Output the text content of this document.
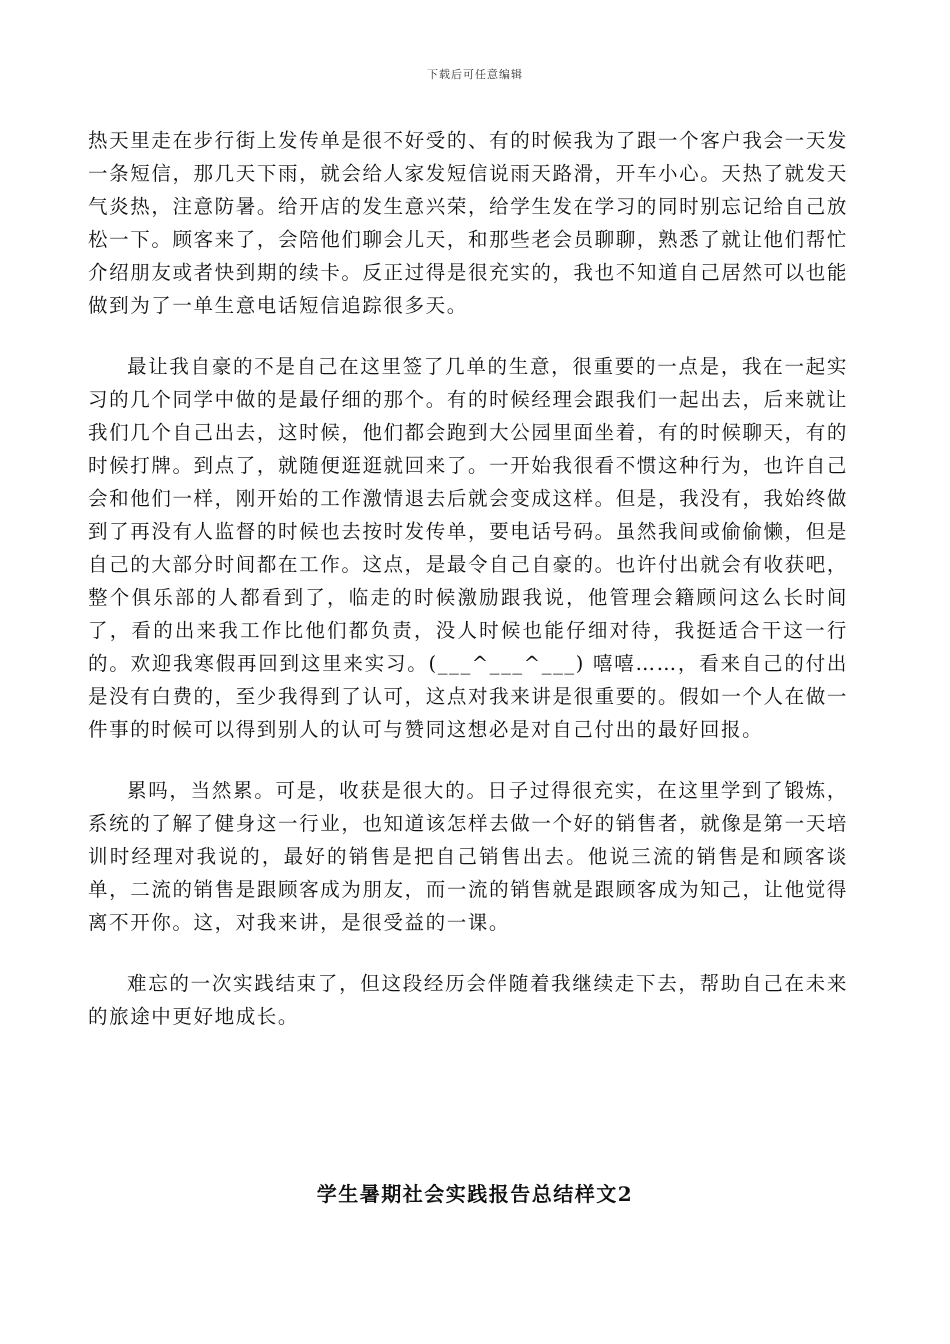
下载后可任意编辑

热天里走在步行街上发传单是很不好受的、有的时候我为了跟一个客户我会一天发一条短信，那几天下雨，就会给人家发短信说雨天路滑，开车小心。天热了就发天气炎热，注意防暑。给开店的发生意兴荣，给学生发在学习的同时别忘记给自己放松一下。顾客来了，会陪他们聊会儿天，和那些老会员聊聊，熟悉了就让他们帮忙介绍朋友或者快到期的续卡。反正过得是很充实的，我也不知道自己居然可以也能做到为了一单生意电话短信追踪很多天。

最让我自豪的不是自己在这里签了几单的生意，很重要的一点是，我在一起实习的几个同学中做的是最仔细的那个。有的时候经理会跟我们一起出去，后来就让我们几个自己出去，这时候，他们都会跑到大公园里面坐着，有的时候聊天，有的时候打牌。到点了，就随便逛逛就回来了。一开始我很看不惯这种行为，也许自己会和他们一样，刚开始的工作激情退去后就会变成这样。但是，我没有，我始终做到了再没有人监督的时候也去按时发传单，要电话号码。虽然我间或偷偷懒，但是自己的大部分时间都在工作。这点，是最令自己自豪的。也许付出就会有收获吧，整个俱乐部的人都看到了，临走的时候激励跟我说，他管理会籍顾问这么长时间了，看的出来我工作比他们都负责，没人时候也能仔细对待，我挺适合干这一行的。欢迎我寒假再回到这里来实习。(___^___^___) 嘻嘻……，看来自己的付出是没有白费的，至少我得到了认可，这点对我来讲是很重要的。假如一个人在做一件事的时候可以得到别人的认可与赞同这想必是对自己付出的最好回报。

累吗，当然累。可是，收获是很大的。日子过得很充实，在这里学到了锻炼，系统的了解了健身这一行业，也知道该怎样去做一个好的销售者，就像是第一天培训时经理对我说的，最好的销售是把自己销售出去。他说三流的销售是和顾客谈单，二流的销售是跟顾客成为朋友，而一流的销售就是跟顾客成为知己，让他觉得离不开你。这，对我来讲，是很受益的一课。

难忘的一次实践结束了，但这段经历会伴随着我继续走下去，帮助自己在未来的旅途中更好地成长。

学生暑期社会实践报告总结样文2
